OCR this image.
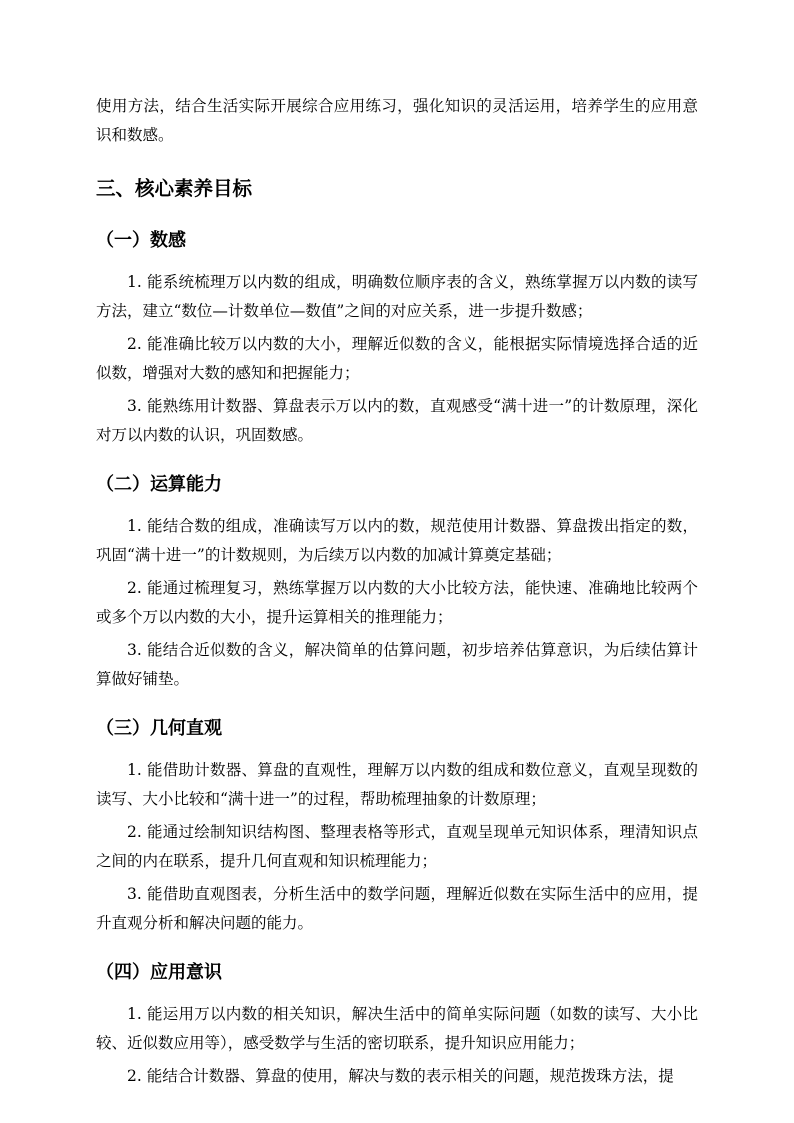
使用方法，结合生活实际开展综合应用练习，强化知识的灵活运用，培养学生的应用意识和数感。

三、核心素养目标
（一）数感

1. 能系统梳理万以内数的组成，明确数位顺序表的含义，熟练掌握万以内数的读写方法，建立“数位—计数单位—数值”之间的对应关系，进一步提升数感；

2. 能准确比较万以内数的大小，理解近似数的含义，能根据实际情境选择合适的近似数，增强对大数的感知和把握能力；

3. 能熟练用计数器、算盘表示万以内的数，直观感受“满十进一”的计数原理，深化对万以内数的认识，巩固数感。

（二）运算能力

1. 能结合数的组成，准确读写万以内的数，规范使用计数器、算盘拨出指定的数，巩固“满十进一”的计数规则，为后续万以内数的加减计算奠定基础；

2. 能通过梳理复习，熟练掌握万以内数的大小比较方法，能快速、准确地比较两个或多个万以内数的大小，提升运算相关的推理能力；

3. 能结合近似数的含义，解决简单的估算问题，初步培养估算意识，为后续估算计算做好铺垫。

（三）几何直观

1. 能借助计数器、算盘的直观性，理解万以内数的组成和数位意义，直观呈现数的读写、大小比较和“满十进一”的过程，帮助梳理抽象的计数原理；

2. 能通过绘制知识结构图、整理表格等形式，直观呈现单元知识体系，理清知识点之间的内在联系，提升几何直观和知识梳理能力；

3. 能借助直观图表，分析生活中的数学问题，理解近似数在实际生活中的应用，提升直观分析和解决问题的能力。

（四）应用意识

1. 能运用万以内数的相关知识，解决生活中的简单实际问题（如数的读写、大小比较、近似数应用等），感受数学与生活的密切联系，提升知识应用能力；

2. 能结合计数器、算盘的使用，解决与数的表示相关的问题，规范拨珠方法，提
